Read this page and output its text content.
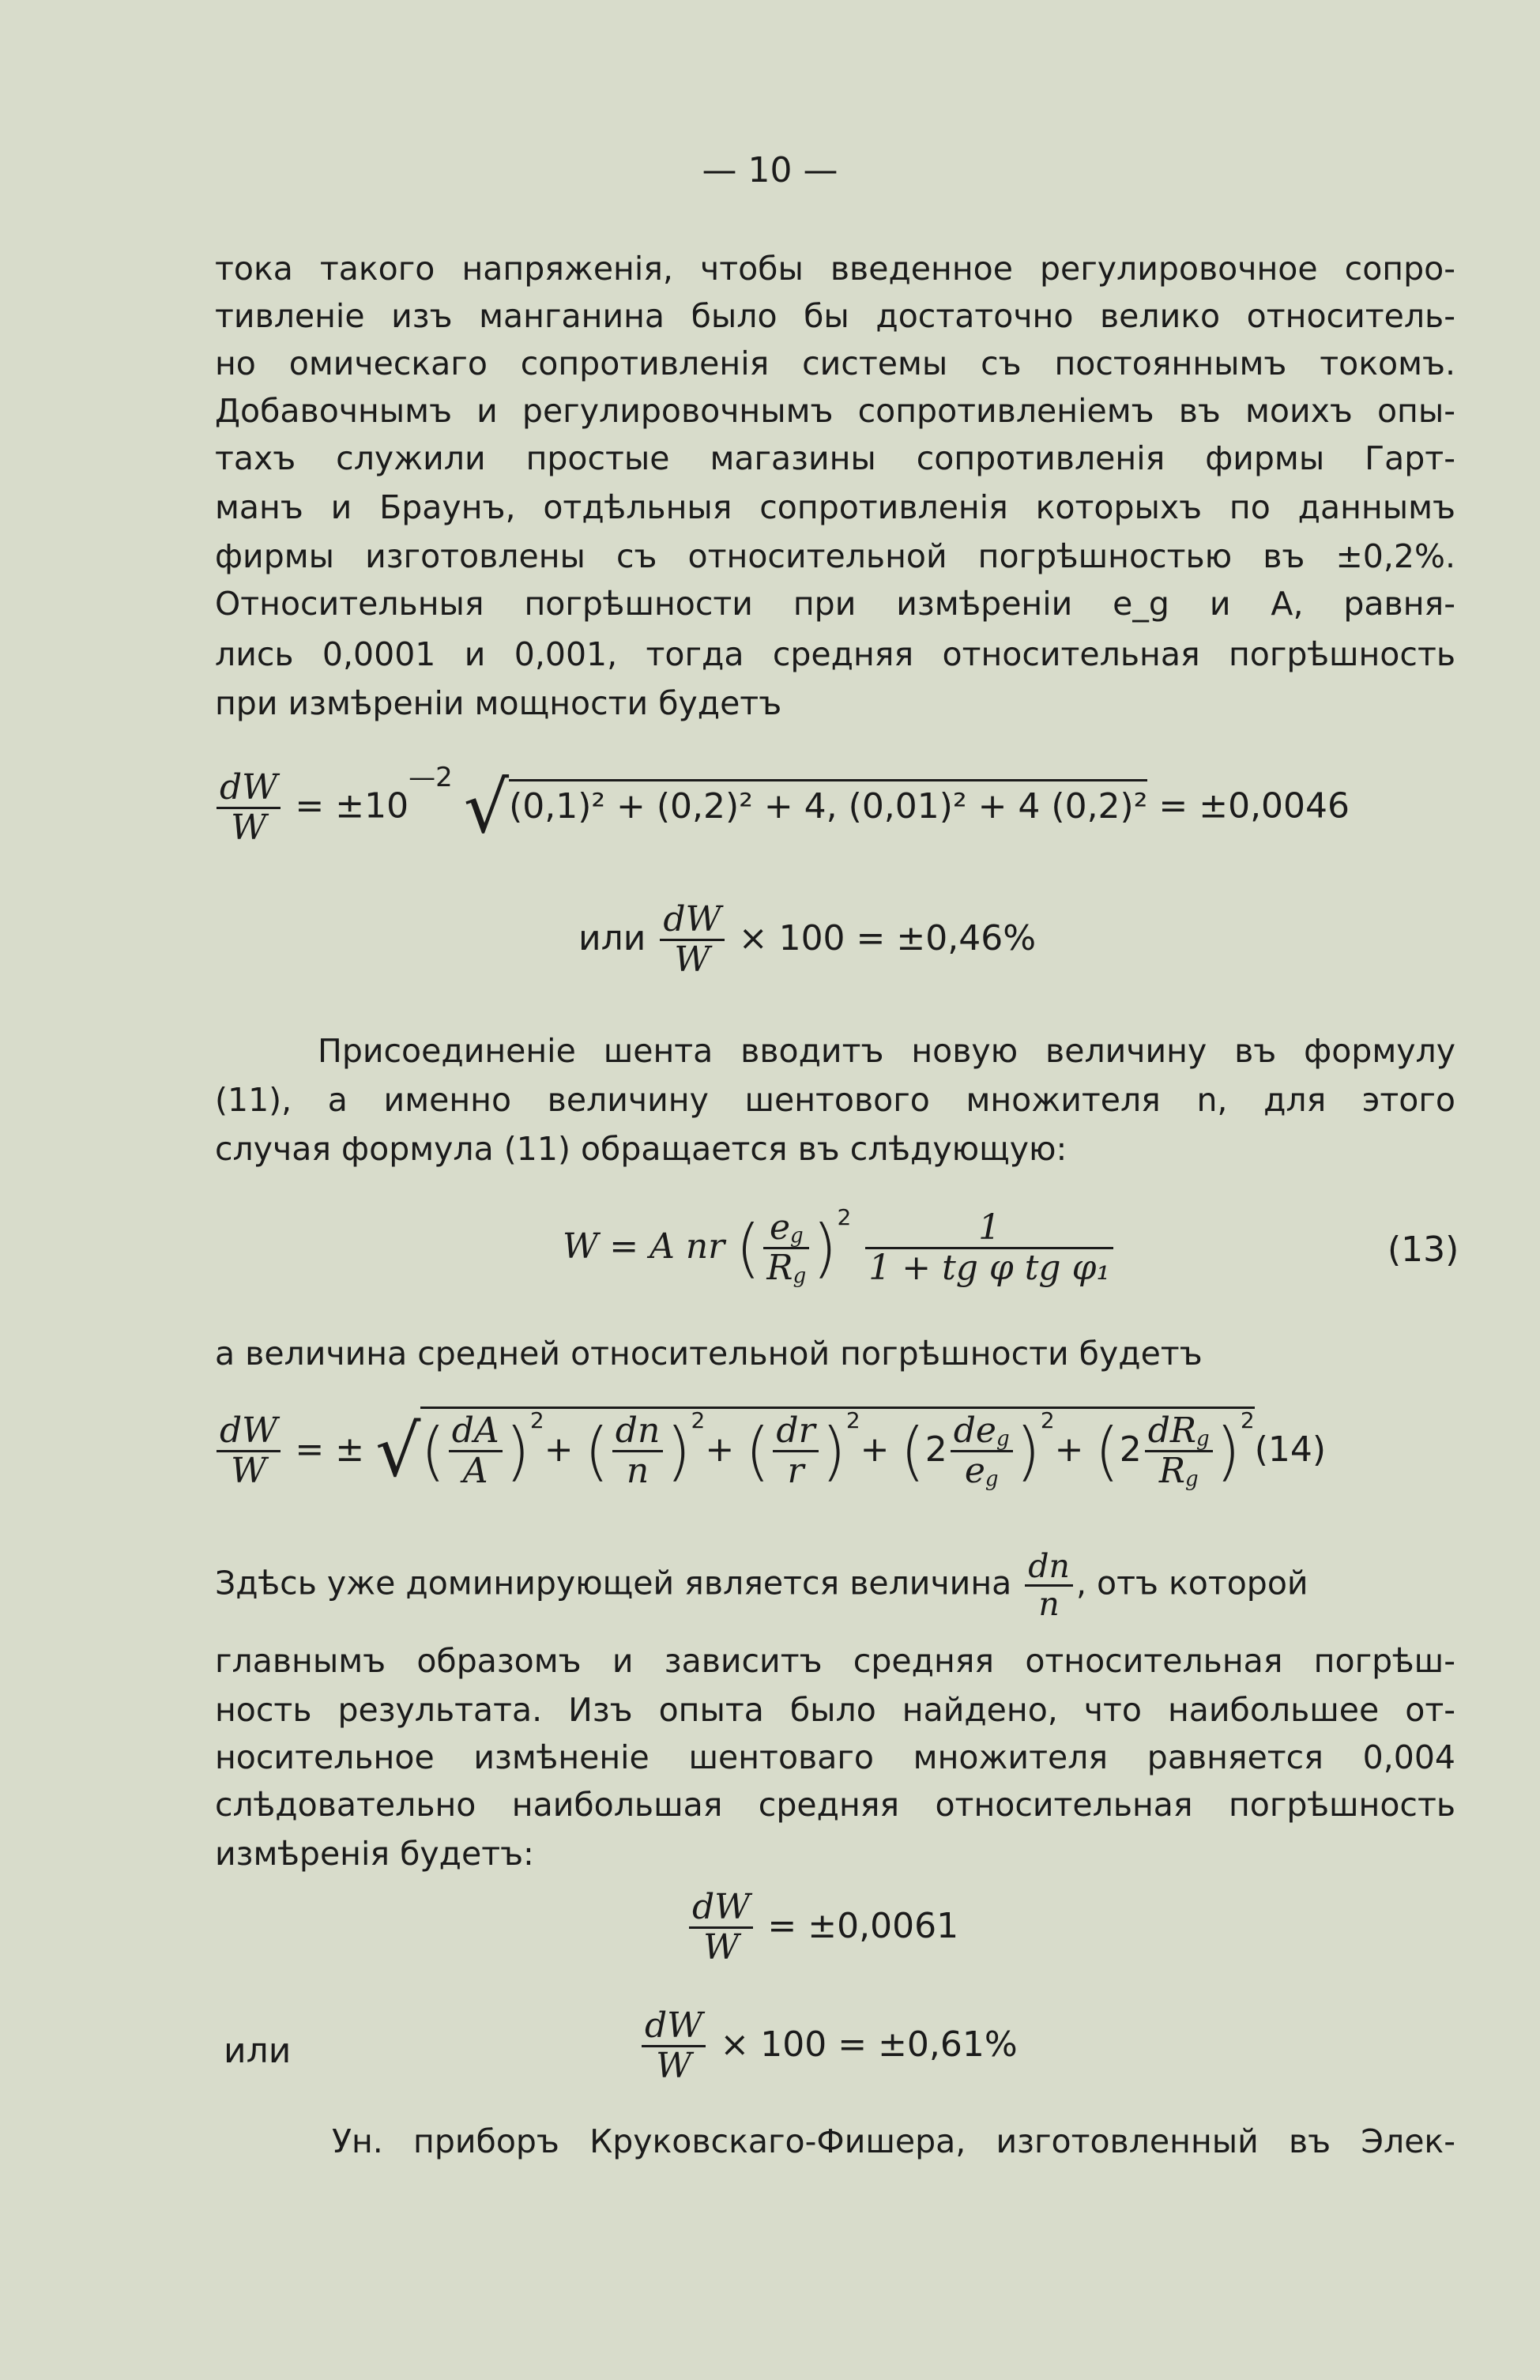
— 10 —
тока такого напряженія, чтобы введенное регулировочное сопро-
тивленіе изъ манганина было бы достаточно велико относитель-
но омическаго сопротивленія системы съ постояннымъ токомъ.
Добавочнымъ и регулировочнымъ сопротивленіемъ въ моихъ опы-
тахъ служили простые магазины сопротивленія фирмы Гарт-
манъ и Браунъ, отдѣльныя сопротивленія которыхъ по даннымъ
фирмы изготовлены съ относительной погрѣшностью въ ±0,2%.
Относительныя погрѣшности при измѣреніи e_g и A, равня-
лись 0,0001 и 0,001, тогда средняя относительная погрѣшность
при измѣреніи мощности будетъ
$\frac{dW}{W} = \pm 10^{—2}$ √(0,1)² + (0,2)² + 4, (0,01)² + 4 (0,2)² = ±0,0046
или $\frac{dW}{W} \times 100 = \pm 0,46\%$
Присоединеніе шента вводитъ новую величину въ формулу
(11), а именно величину шентового множителя n, для этого
случая формула (11) обращается въ слѣдующую:
W = A nr ( $\frac{eg}{Rg} )^2 \frac{1}{\text{1 + tg φ tg φ₁}}$	(13)
а величина средней относительной погрѣшности будетъ
$\frac{dW}{W}$ = ± √( $\frac{dA}{A} )^2+$ ( $\frac{dn}{n} )^2+$ ( $\frac{dr}{r} )^2+ (2 \frac{\text{deg}}{eg} )^2+ (2 \frac{\text{dRg}}{Rg} )^2(14)$
Здѣсь уже доминирующей является величина $\frac{dn}{n}$ , отъ которой
главнымъ образомъ и зависитъ средняя относительная погрѣш-
ность результата. Изъ опыта было найдено, что наибольшее от-
носительное измѣненіе шентоваго множителя равняется 0,004
слѣдовательно наибольшая средняя относительная погрѣшность
измѣренія будетъ:
$\frac{dW}{W} = \pm 0,0061$
или	$\frac{dW}{W} \times 100 = \pm 0,61\%$
Ун. приборъ Круковскаго-Фишера, изготовленный въ Элек-
